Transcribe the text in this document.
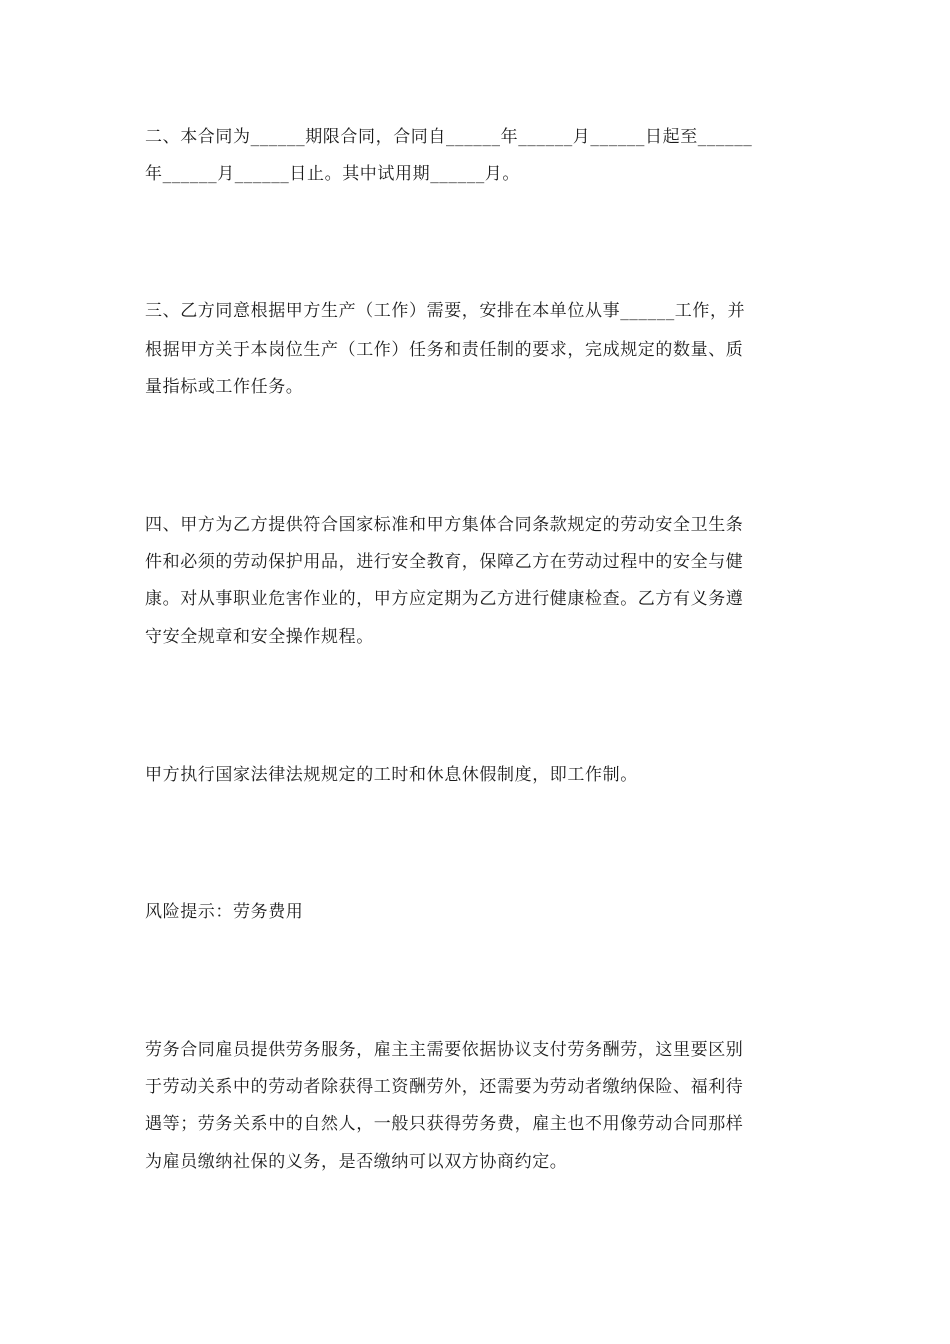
二、本合同为______期限合同，合同自______年______月______日起至______
年______月______日止。其中试用期______月。
三、乙方同意根据甲方生产（工作）需要，安排在本单位从事______工作，并
根据甲方关于本岗位生产（工作）任务和责任制的要求，完成规定的数量、质
量指标或工作任务。
四、甲方为乙方提供符合国家标准和甲方集体合同条款规定的劳动安全卫生条
件和必须的劳动保护用品，进行安全教育，保障乙方在劳动过程中的安全与健
康。对从事职业危害作业的，甲方应定期为乙方进行健康检查。乙方有义务遵
守安全规章和安全操作规程。
甲方执行国家法律法规规定的工时和休息休假制度，即工作制。
风险提示：劳务费用
劳务合同雇员提供劳务服务，雇主主需要依据协议支付劳务酬劳，这里要区别
于劳动关系中的劳动者除获得工资酬劳外，还需要为劳动者缴纳保险、福利待
遇等；劳务关系中的自然人，一般只获得劳务费，雇主也不用像劳动合同那样
为雇员缴纳社保的义务，是否缴纳可以双方协商约定。
